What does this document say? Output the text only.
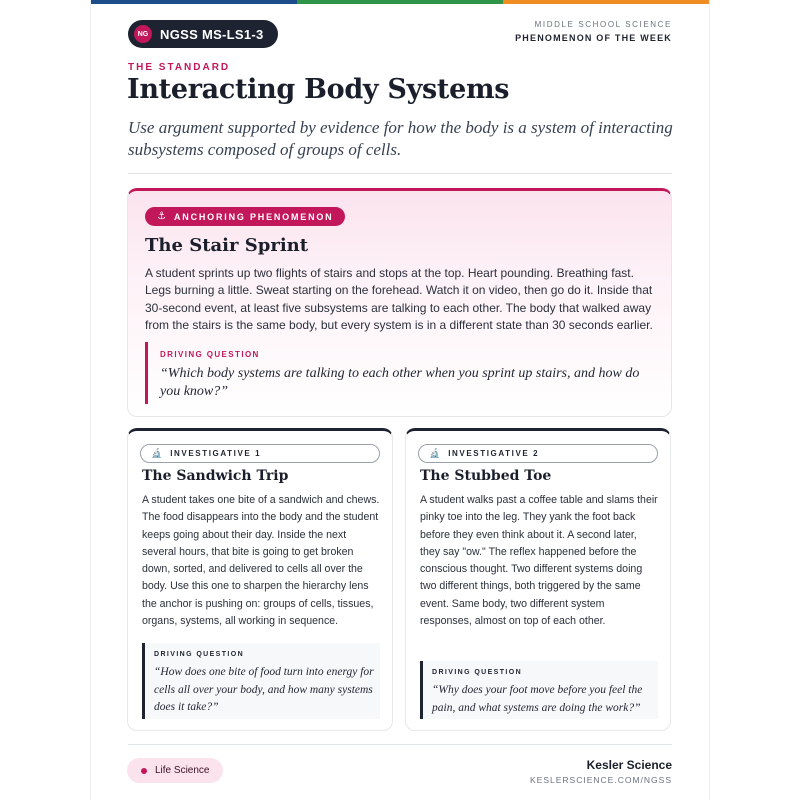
NG NGSS MS-LS1-3
MIDDLE SCHOOL SCIENCE
PHENOMENON OF THE WEEK
THE STANDARD
Interacting Body Systems

Use argument supported by evidence for how the body is a system of interacting subsystems composed of groups of cells.

⚓ ANCHORING PHENOMENON
The Stair Sprint

A student sprints up two flights of stairs and stops at the top. Heart pounding. Breathing fast. Legs burning a little. Sweat starting on the forehead. Watch it on video, then go do it. Inside that 30-second event, at least five subsystems are talking to each other. The body that walked away from the stairs is the same body, but every system is in a different state than 30 seconds earlier.

DRIVING QUESTION
“Which body systems are talking to each other when you sprint up stairs, and how do you know?”
🔬 INVESTIGATIVE 1
The Sandwich Trip

A student takes one bite of a sandwich and chews. The food disappears into the body and the student keeps going about their day. Inside the next several hours, that bite is going to get broken down, sorted, and delivered to cells all over the body. Use this one to sharpen the hierarchy lens the anchor is pushing on: groups of cells, tissues, organs, systems, all working in sequence.

DRIVING QUESTION
“How does one bite of food turn into energy for cells all over your body, and how many systems does it take?”
🔬 INVESTIGATIVE 2
The Stubbed Toe

A student walks past a coffee table and slams their pinky toe into the leg. They yank the foot back before they even think about it. A second later, they say "ow." The reflex happened before the conscious thought. Two different systems doing two different things, both triggered by the same event. Same body, two different system responses, almost on top of each other.

DRIVING QUESTION
“Why does your foot move before you feel the pain, and what systems are doing the work?”
Life Science	Kesler Science
KESLERSCIENCE.COM/NGSS
